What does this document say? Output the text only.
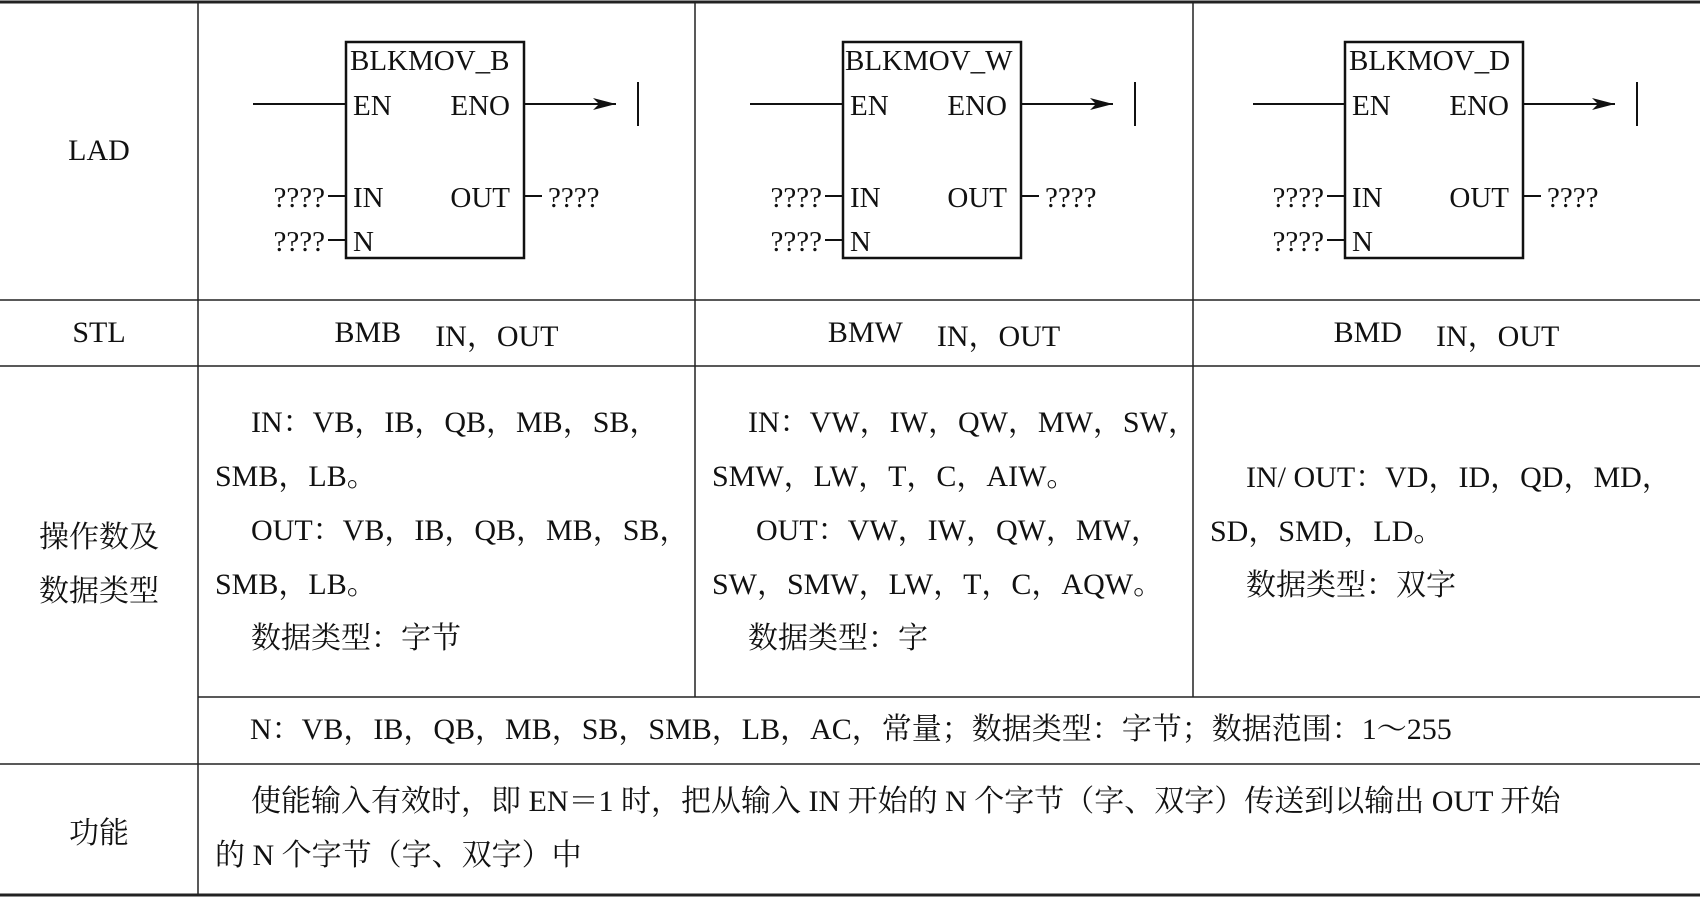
LAD
STL
操作数及
数据类型
功能
BLKMOV_B
EN ENO
IN OUT
N
????
????
????
BLKMOV_W
EN ENO
IN OUT
N
????
????
????
BLKMOV_D
EN ENO
IN OUT
N
????
????
????
BMB IN，OUT	BMW IN，OUT	BMD IN，OUT
IN：VB，IB，QB，MB，SB，
SMB，LB。
OUT：VB，IB，QB，MB，SB，
SMB，LB。
数据类型：字节
IN：VW，IW，QW，MW，SW，
SMW，LW，T，C，AIW。
OUT：VW，IW，QW，MW，
SW，SMW，LW，T，C，AQW。
数据类型：字
IN/ OUT：VD，ID，QD，MD，
SD，SMD，LD。
数据类型：双字
N：VB，IB，QB，MB，SB，SMB，LB，AC，常量；数据类型：字节；数据范围：1～255
使能输入有效时，即 EN＝1 时，把从输入 IN 开始的 N 个字节（字、双字）传送到以输出 OUT 开始
的 N 个字节（字、双字）中
